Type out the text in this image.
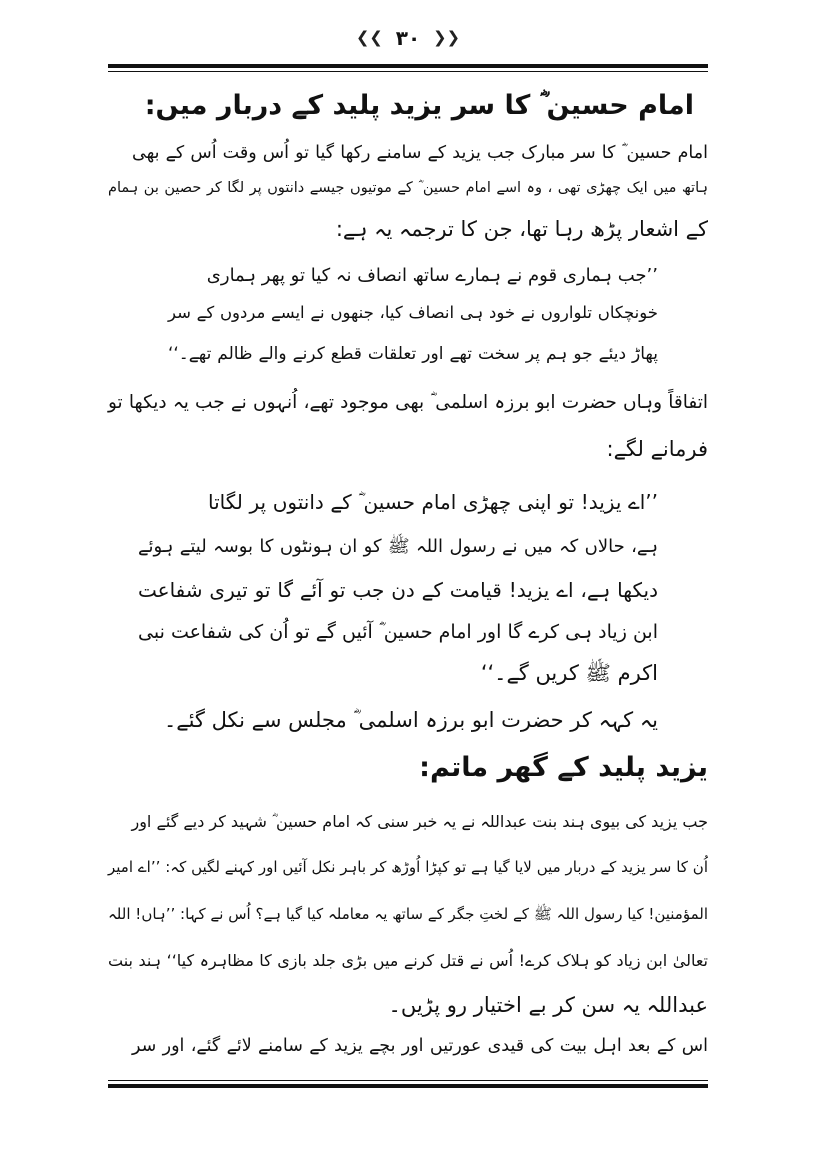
❮❮ ۳۰ ❯❯
امام حسین ؓ کا سر یزید پلید کے دربار میں:
امام حسین ؓ کا سر مبارک جب یزید کے سامنے رکھا گیا تو اُس وقت اُس کے بھی
ہاتھ میں ایک چھڑی تھی ، وہ اسے امام حسین ؓ کے موتیوں جیسے دانتوں پر لگا کر حصین بن ہمام
کے اشعار پڑھ رہا تھا، جن کا ترجمہ یہ ہے:
’’جب ہماری قوم نے ہمارے ساتھ انصاف نہ کیا تو پھر ہماری
خونچکاں تلواروں نے خود ہی انصاف کیا، جنھوں نے ایسے مردوں کے سر
پھاڑ دیئے جو ہم پر سخت تھے اور تعلقات قطع کرنے والے ظالم تھے۔‘‘
اتفاقاً وہاں حضرت ابو برزہ اسلمی ؓ بھی موجود تھے، اُنہوں نے جب یہ دیکھا تو
فرمانے لگے:
’’اے یزید! تو اپنی چھڑی امام حسین ؓ کے دانتوں پر لگاتا
ہے، حالاں کہ میں نے رسول اللہ ﷺ کو ان ہونٹوں کا بوسہ لیتے ہوئے
دیکھا ہے، اے یزید! قیامت کے دن جب تو آئے گا تو تیری شفاعت
ابن زیاد ہی کرے گا اور امام حسین ؓ آئیں گے تو اُن کی شفاعت نبی
اکرم ﷺ کریں گے۔‘‘
یہ کہہ کر حضرت ابو برزہ اسلمی ؓ مجلس سے نکل گئے۔
یزید پلید کے گھر ماتم:
جب یزید کی بیوی ہند بنت عبداللہ نے یہ خبر سنی کہ امام حسین ؓ شہید کر دیے گئے اور
اُن کا سر یزید کے دربار میں لایا گیا ہے تو کپڑا اُوڑھ کر باہر نکل آئیں اور کہنے لگیں کہ: ’’اے امیر
المؤمنین! کیا رسول اللہ ﷺ کے لختِ جگر کے ساتھ یہ معاملہ کیا گیا ہے؟ اُس نے کہا: ’’ہاں! اللہ
تعالیٰ ابن زیاد کو ہلاک کرے! اُس نے قتل کرنے میں بڑی جلد بازی کا مظاہرہ کیا‘‘ ہند بنت
عبداللہ یہ سن کر بے اختیار رو پڑیں۔
اس کے بعد اہل بیت کی قیدی عورتیں اور بچے یزید کے سامنے لائے گئے، اور سر
